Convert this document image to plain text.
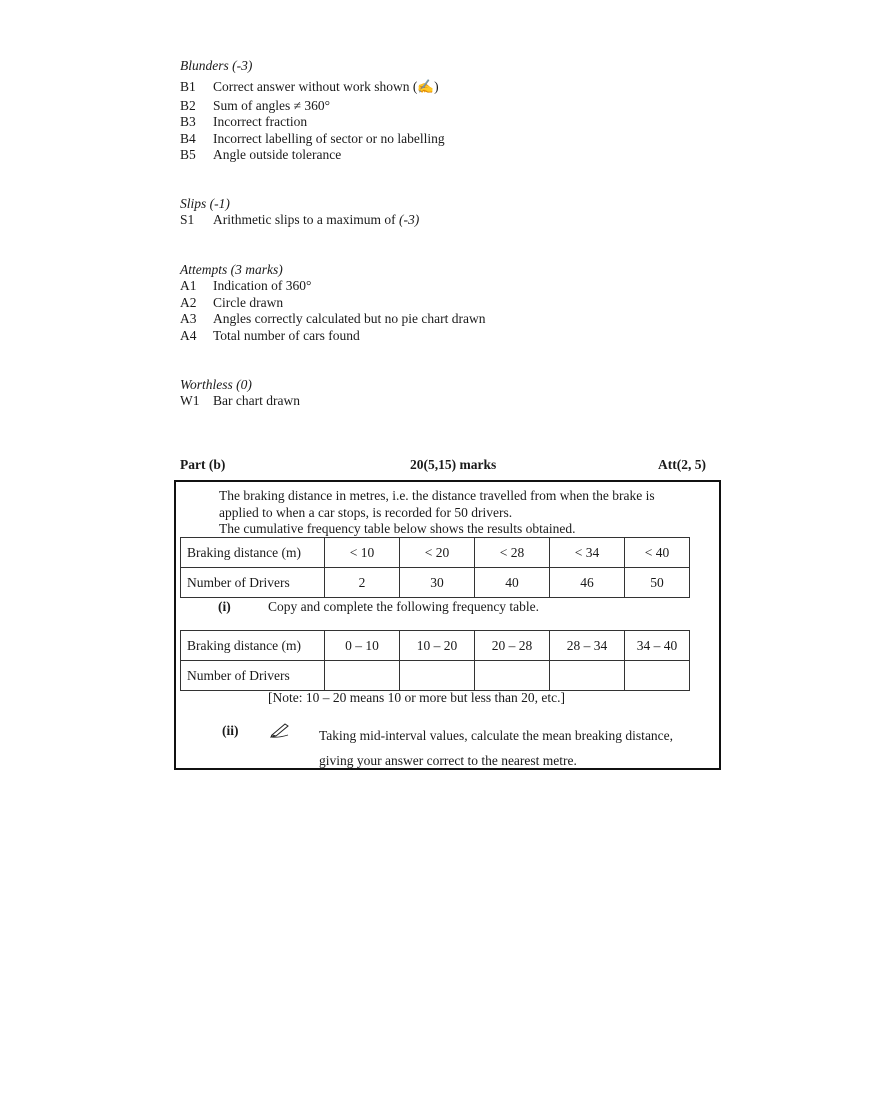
Blunders (-3)
B1	Correct answer without work shown (✍)
B2	Sum of angles ≠ 360°
B3	Incorrect fraction
B4	Incorrect labelling of sector or no labelling
B5	Angle outside tolerance
Slips (-1)
S1	Arithmetic slips to a maximum of (-3)
Attempts (3 marks)
A1	Indication of 360°
A2	Circle drawn
A3	Angles correctly calculated but no pie chart drawn
A4	Total number of cars found
Worthless (0)
W1	Bar chart drawn
Part (b)	20(5,15) marks	Att(2, 5)
The braking distance in metres, i.e. the distance travelled from when the brake is
applied to when a car stops, is recorded for 50 drivers.
The cumulative frequency table below shows the results obtained.
Braking distance (m)	< 10	< 20	< 28	< 34	< 40
Number of Drivers	2	30	40	46	50
(i)	Copy and complete the following frequency table.
Braking distance (m)	0 – 10	10 – 20	20 – 28	28 – 34	34 – 40
Number of Drivers					
[Note: 10 – 20 means 10 or more but less than 20, etc.]
(ii)	Taking mid-interval values, calculate the mean breaking distance,
giving your answer correct to the nearest metre.
